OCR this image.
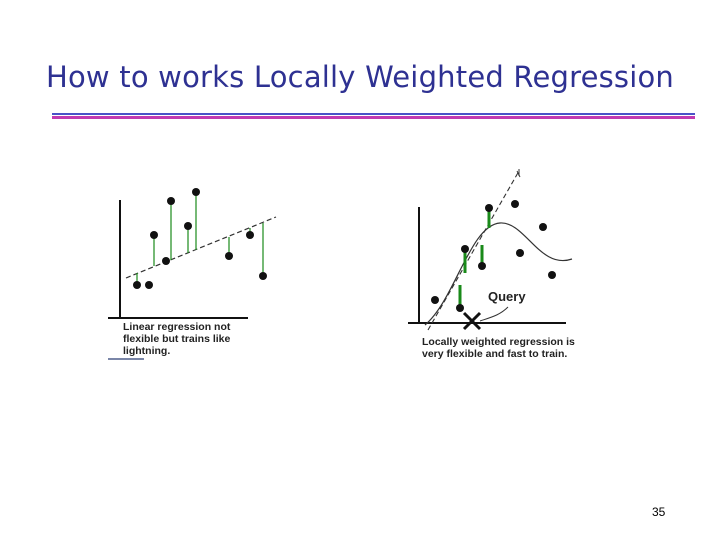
How to works Locally Weighted Regression
Linear regression not
flexible but trains like
lightning.
Query
Locally weighted regression is
very flexible and fast to train.
35
